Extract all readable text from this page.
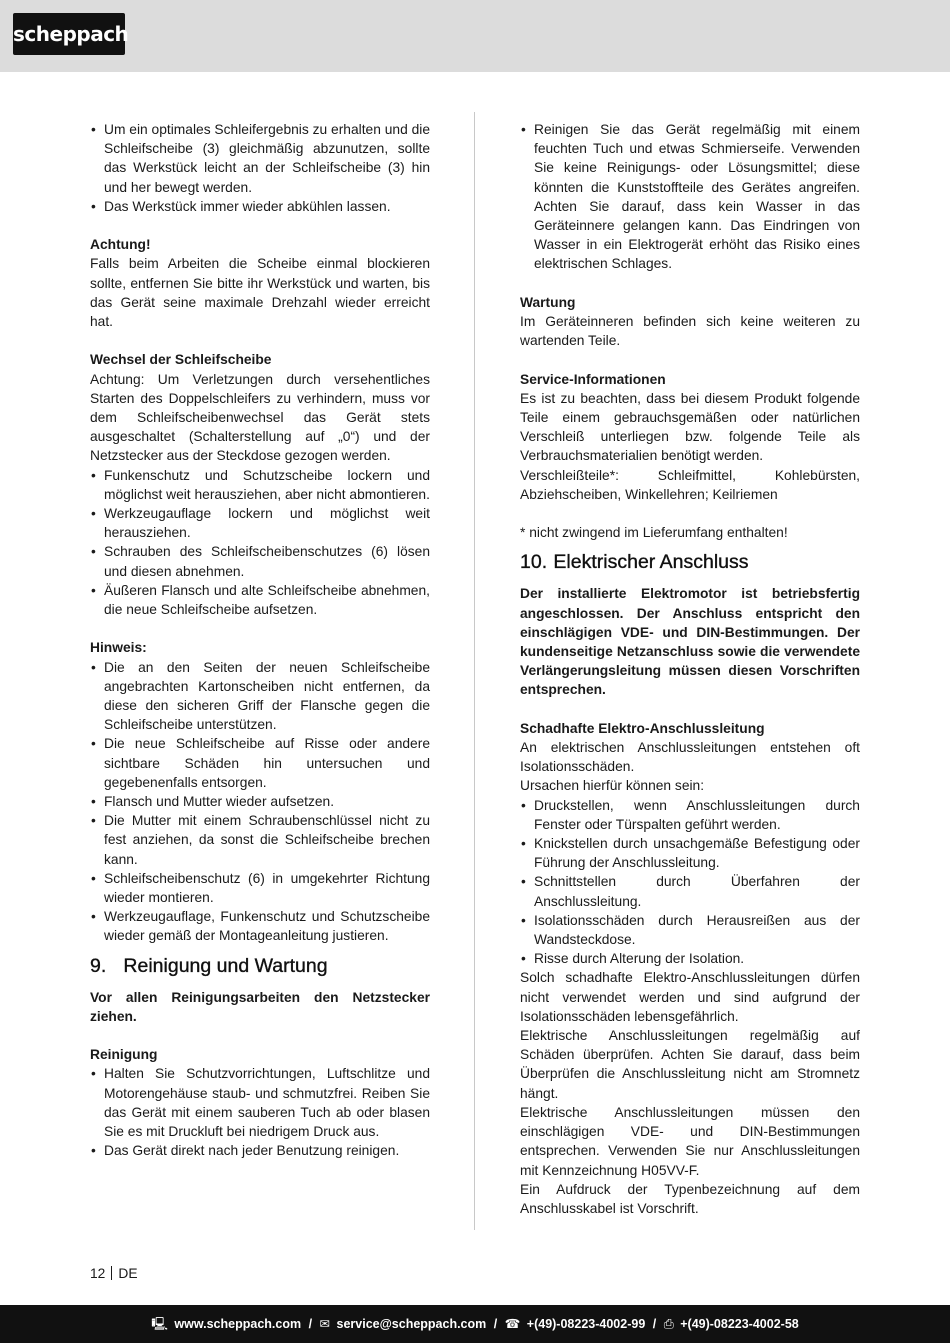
scheppach
• Um ein optimales Schleifergebnis zu erhalten und die Schleifscheibe (3) gleichmäßig abzunutzen, sollte das Werkstück leicht an der Schleifscheibe (3) hin und her bewegt werden.
• Das Werkstück immer wieder abkühlen lassen.
Achtung!

Falls beim Arbeiten die Scheibe einmal blockieren sollte, entfernen Sie bitte ihr Werkstück und warten, bis das Gerät seine maximale Drehzahl wieder erreicht hat.

Wechsel der Schleifscheibe

Achtung: Um Verletzungen durch versehentliches Starten des Doppelschleifers zu verhindern, muss vor dem Schleifscheibenwechsel das Gerät stets ausgeschaltet (Schalterstellung auf „0“) und der Netzstecker aus der Steckdose gezogen werden.

• Funkenschutz und Schutzscheibe lockern und möglichst weit herausziehen, aber nicht abmontieren.
• Werkzeugauflage lockern und möglichst weit herausziehen.
• Schrauben des Schleifscheibenschutzes (6) lösen und diesen abnehmen.
• Äußeren Flansch und alte Schleifscheibe abnehmen, die neue Schleifscheibe aufsetzen.
Hinweis:
• Die an den Seiten der neuen Schleifscheibe angebrachten Kartonscheiben nicht entfernen, da diese den sicheren Griff der Flansche gegen die Schleifscheibe unterstützen.
• Die neue Schleifscheibe auf Risse oder andere sichtbare Schäden hin untersuchen und gegebenenfalls entsorgen.
• Flansch und Mutter wieder aufsetzen.
• Die Mutter mit einem Schraubenschlüssel nicht zu fest anziehen, da sonst die Schleifscheibe brechen kann.
• Schleifscheibenschutz (6) in umgekehrter Richtung wieder montieren.
• Werkzeugauflage, Funkenschutz und Schutzscheibe wieder gemäß der Montageanleitung justieren.
9. Reinigung und Wartung

Vor allen Reinigungsarbeiten den Netzstecker ziehen.

Reinigung
• Halten Sie Schutzvorrichtungen, Luftschlitze und Motorengehäuse staub- und schmutzfrei. Reiben Sie das Gerät mit einem sauberen Tuch ab oder blasen Sie es mit Druckluft bei niedrigem Druck aus.
• Das Gerät direkt nach jeder Benutzung reinigen.
• Reinigen Sie das Gerät regelmäßig mit einem feuchten Tuch und etwas Schmierseife. Verwenden Sie keine Reinigungs- oder Lösungsmittel; diese könnten die Kunststoffteile des Gerätes angreifen. Achten Sie darauf, dass kein Wasser in das Geräteinnere gelangen kann. Das Eindringen von Wasser in ein Elektrogerät erhöht das Risiko eines elektrischen Schlages.
Wartung

Im Geräteinneren befinden sich keine weiteren zu wartenden Teile.

Service-Informationen

Es ist zu beachten, dass bei diesem Produkt folgende Teile einem gebrauchsgemäßen oder natürlichen Verschleiß unterliegen bzw. folgende Teile als Verbrauchsmaterialien benötigt werden.

Verschleißteile*: Schleifmittel, Kohlebürsten, Abziehscheiben, Winkellehren; Keilriemen

* nicht zwingend im Lieferumfang enthalten!

10. Elektrischer Anschluss

Der installierte Elektromotor ist betriebsfertig angeschlossen. Der Anschluss entspricht den einschlägigen VDE- und DIN-Bestimmungen. Der kundenseitige Netzanschluss sowie die verwendete Verlängerungsleitung müssen diesen Vorschriften entsprechen.

Schadhafte Elektro-Anschlussleitung

An elektrischen Anschlussleitungen entstehen oft Isolationsschäden.

Ursachen hierfür können sein:

• Druckstellen, wenn Anschlussleitungen durch Fenster oder Türspalten geführt werden.
• Knickstellen durch unsachgemäße Befestigung oder Führung der Anschlussleitung.
• Schnittstellen durch Überfahren der Anschlussleitung.
• Isolationsschäden durch Herausreißen aus der Wandsteckdose.
• Risse durch Alterung der Isolation.

Solch schadhafte Elektro-Anschlussleitungen dürfen nicht verwendet werden und sind aufgrund der Isolationsschäden lebensgefährlich.

Elektrische Anschlussleitungen regelmäßig auf Schäden überprüfen. Achten Sie darauf, dass beim Überprüfen die Anschlussleitung nicht am Stromnetz hängt.

Elektrische Anschlussleitungen müssen den einschlägigen VDE- und DIN-Bestimmungen entsprechen. Verwenden Sie nur Anschlussleitungen mit Kennzeichnung H05VV-F.

Ein Aufdruck der Typenbezeichnung auf dem Anschlusskabel ist Vorschrift.

12 DE
🖳 www.scheppach.com / ✉ service@scheppach.com / ☎ +(49)-08223-4002-99 / ⎙ +(49)-08223-4002-58
